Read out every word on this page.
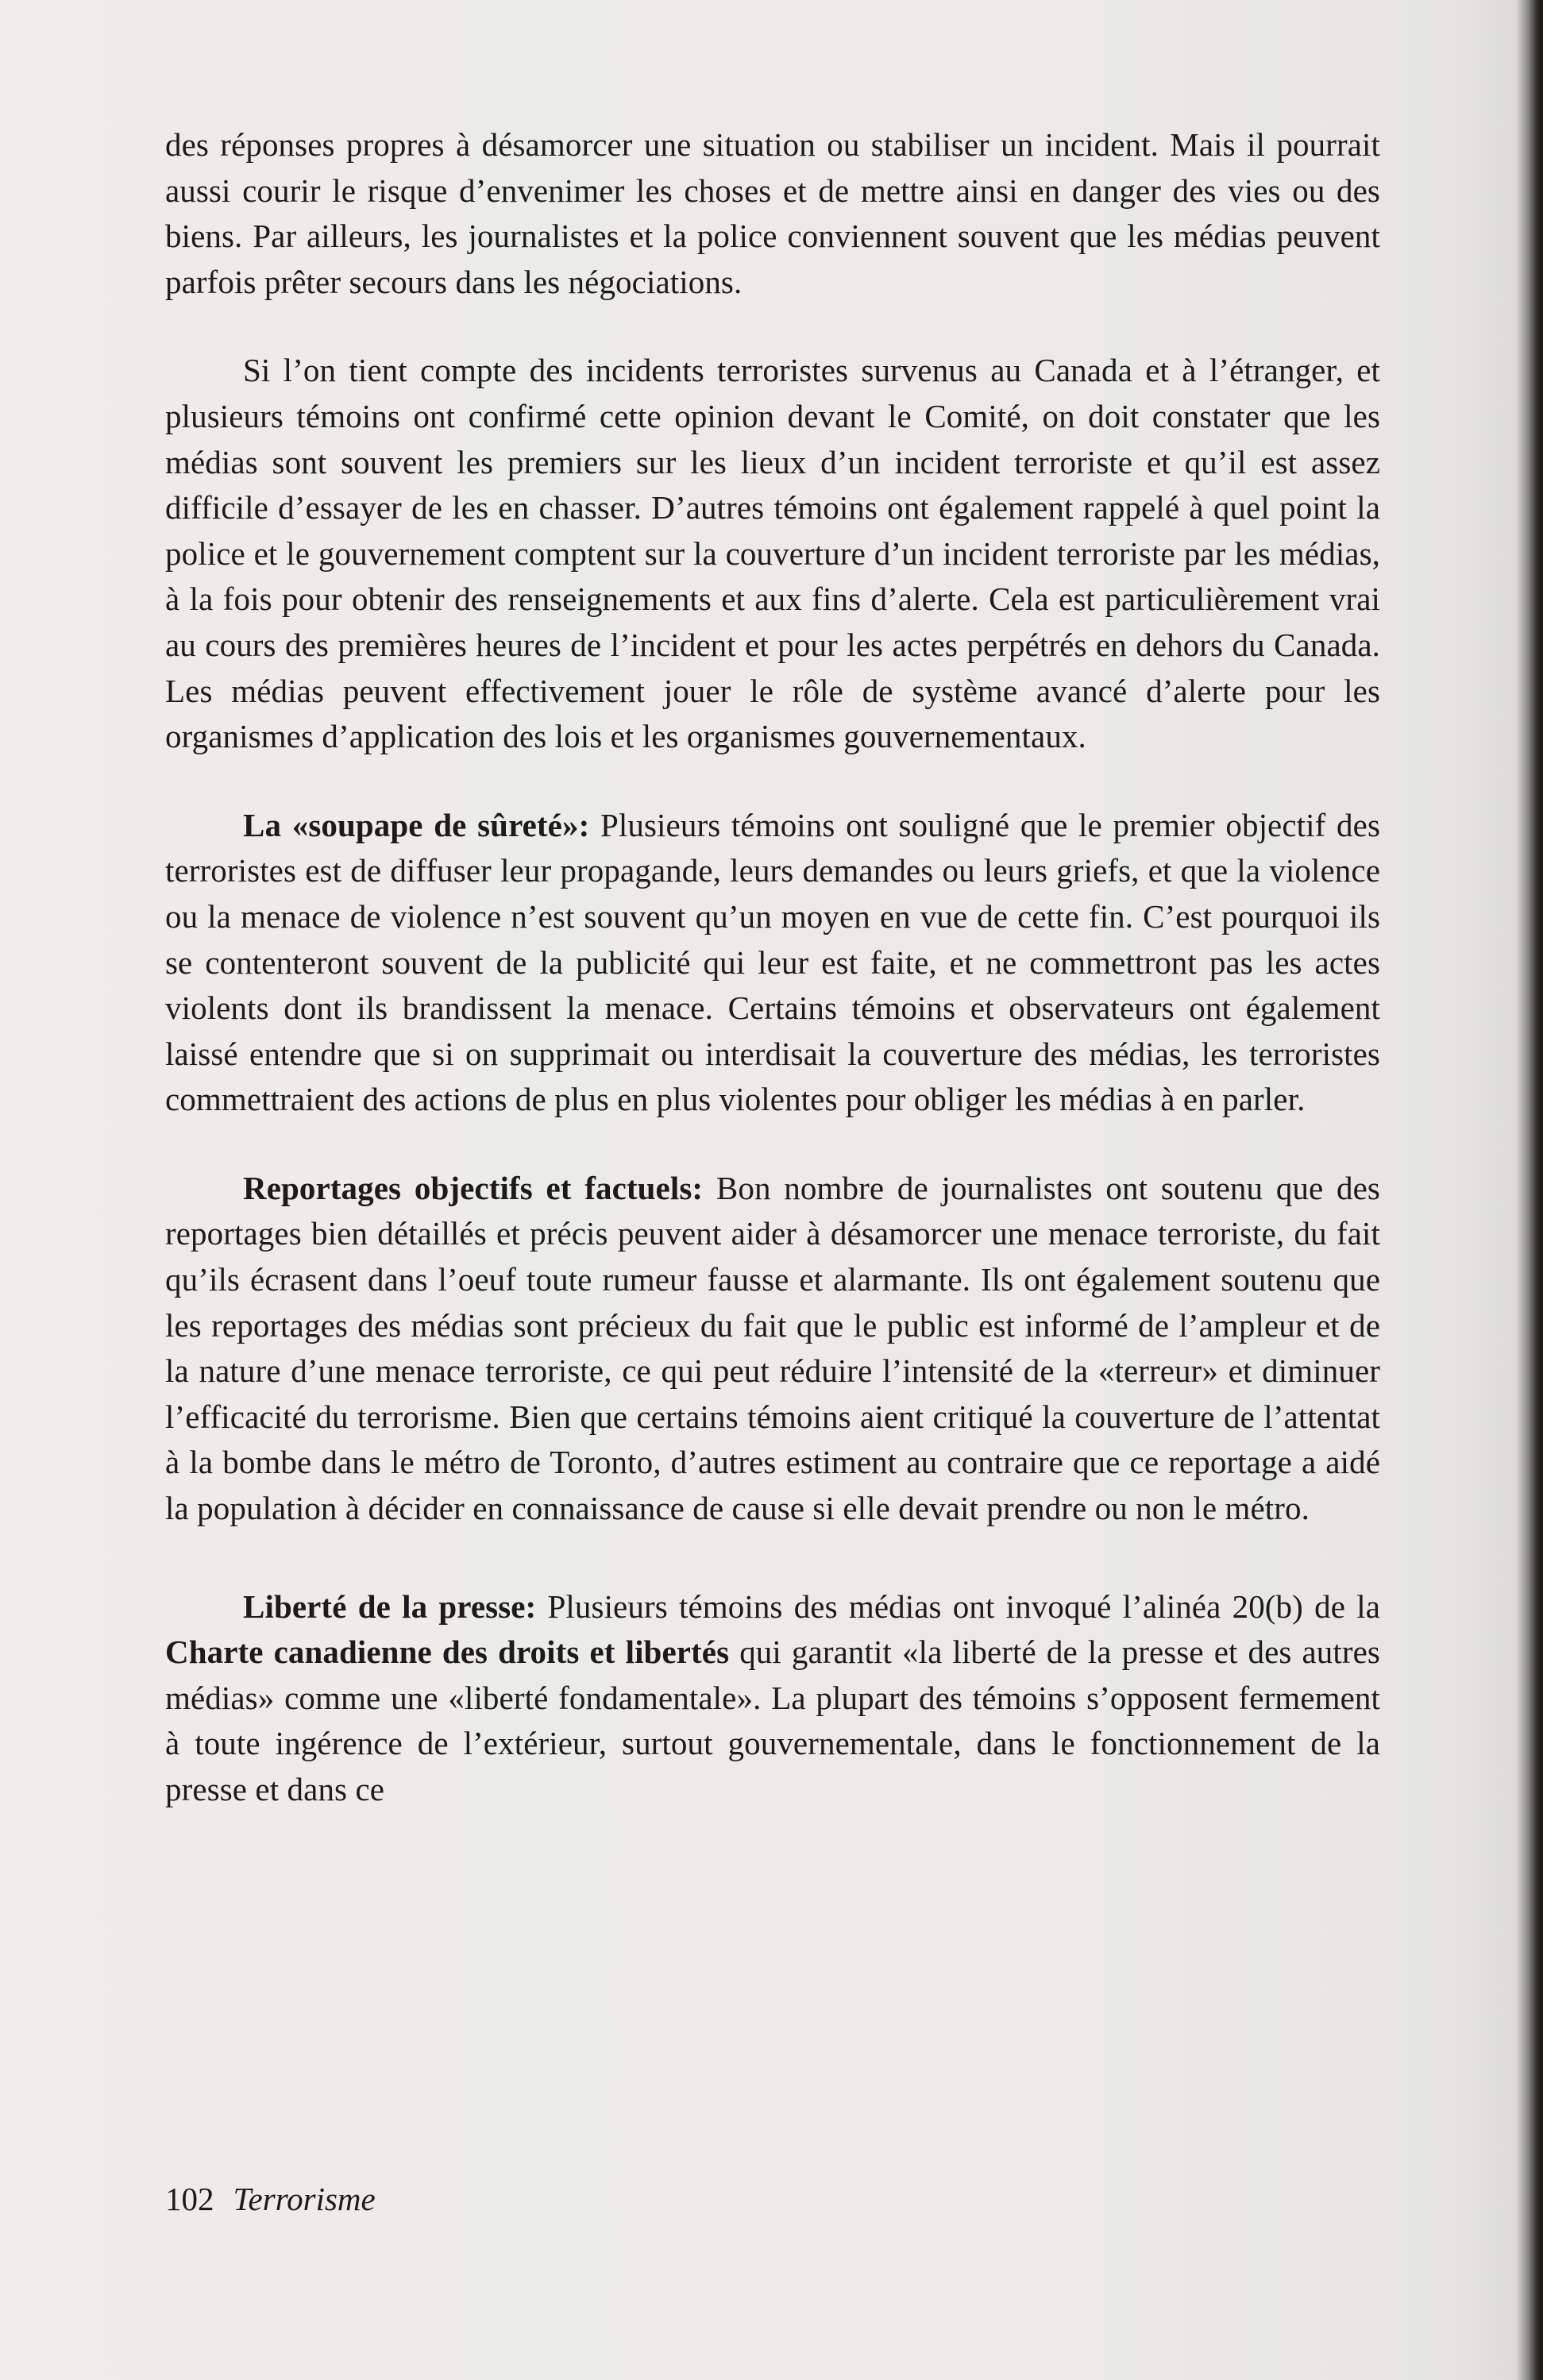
des réponses propres à désamorcer une situation ou stabiliser un incident. Mais il pourrait aussi courir le risque d’envenimer les choses et de mettre ainsi en danger des vies ou des biens. Par ailleurs, les journalistes et la police conviennent souvent que les médias peuvent parfois prêter secours dans les négociations.

Si l’on tient compte des incidents terroristes survenus au Canada et à l’étranger, et plusieurs témoins ont confirmé cette opinion devant le Comité, on doit constater que les médias sont souvent les premiers sur les lieux d’un incident terroriste et qu’il est assez difficile d’essayer de les en chasser. D’autres témoins ont également rappelé à quel point la police et le gouvernement comptent sur la couverture d’un incident terroriste par les médias, à la fois pour obtenir des renseignements et aux fins d’alerte. Cela est particulièrement vrai au cours des premières heures de l’incident et pour les actes perpétrés en dehors du Canada. Les médias peuvent effectivement jouer le rôle de système avancé d’alerte pour les organismes d’application des lois et les organismes gouvernementaux.

La «soupape de sûreté»: Plusieurs témoins ont souligné que le premier objectif des terroristes est de diffuser leur propagande, leurs demandes ou leurs griefs, et que la violence ou la menace de violence n’est souvent qu’un moyen en vue de cette fin. C’est pourquoi ils se contenteront souvent de la publicité qui leur est faite, et ne commettront pas les actes violents dont ils brandissent la menace. Certains témoins et observateurs ont également laissé entendre que si on supprimait ou interdisait la couverture des médias, les terroristes commettraient des actions de plus en plus violentes pour obliger les médias à en parler.

Reportages objectifs et factuels: Bon nombre de journalistes ont soutenu que des reportages bien détaillés et précis peuvent aider à désamorcer une menace terroriste, du fait qu’ils écrasent dans l’oeuf toute rumeur fausse et alarmante. Ils ont également soutenu que les reportages des médias sont précieux du fait que le public est informé de l’ampleur et de la nature d’une menace terroriste, ce qui peut réduire l’intensité de la «terreur» et diminuer l’efficacité du terrorisme. Bien que certains témoins aient critiqué la couverture de l’attentat à la bombe dans le métro de Toronto, d’autres estiment au contraire que ce reportage a aidé la population à décider en connaissance de cause si elle devait prendre ou non le métro.

Liberté de la presse: Plusieurs témoins des médias ont invoqué l’alinéa 20(b) de la Charte canadienne des droits et libertés qui garantit «la liberté de la presse et des autres médias» comme une «liberté fondamentale». La plupart des témoins s’opposent fermement à toute ingérence de l’extérieur, surtout gouvernementale, dans le fonctionnement de la presse et dans ce

102 Terrorisme
